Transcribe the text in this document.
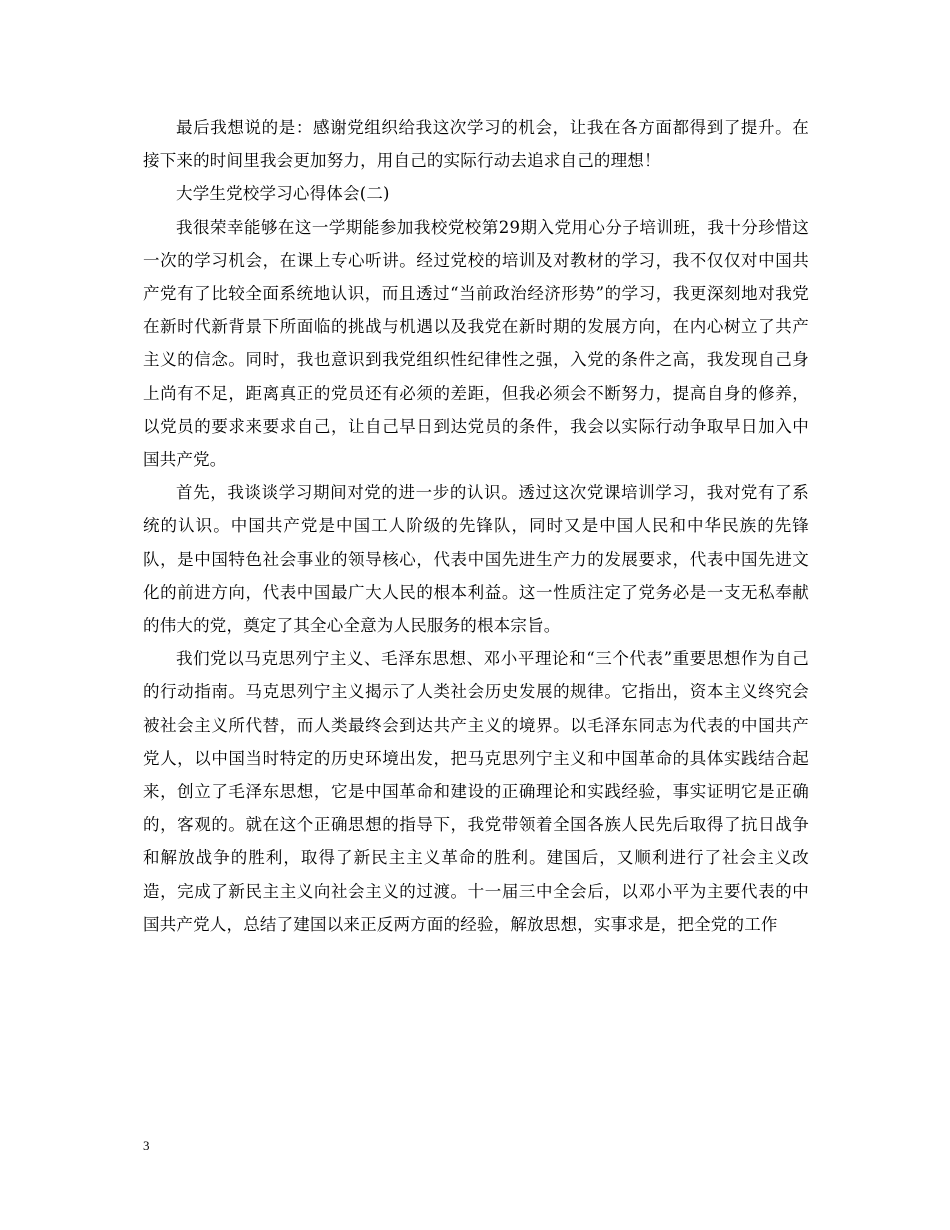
最后我想说的是：感谢党组织给我这次学习的机会，让我在各方面都得到了提升。在接下来的时间里我会更加努力，用自己的实际行动去追求自己的理想！

大学生党校学习心得体会(二)

我很荣幸能够在这一学期能参加我校党校第29期入党用心分子培训班，我十分珍惜这一次的学习机会，在课上专心听讲。经过党校的培训及对教材的学习，我不仅仅对中国共产党有了比较全面系统地认识，而且透过“当前政治经济形势”的学习，我更深刻地对我党在新时代新背景下所面临的挑战与机遇以及我党在新时期的发展方向，在内心树立了共产主义的信念。同时，我也意识到我党组织性纪律性之强，入党的条件之高，我发现自己身上尚有不足，距离真正的党员还有必须的差距，但我必须会不断努力，提高自身的修养，以党员的要求来要求自己，让自己早日到达党员的条件，我会以实际行动争取早日加入中国共产党。

首先，我谈谈学习期间对党的进一步的认识。透过这次党课培训学习，我对党有了系统的认识。中国共产党是中国工人阶级的先锋队，同时又是中国人民和中华民族的先锋队，是中国特色社会事业的领导核心，代表中国先进生产力的发展要求，代表中国先进文化的前进方向，代表中国最广大人民的根本利益。这一性质注定了党务必是一支无私奉献的伟大的党，奠定了其全心全意为人民服务的根本宗旨。

我们党以马克思列宁主义、毛泽东思想、邓小平理论和“三个代表”重要思想作为自己的行动指南。马克思列宁主义揭示了人类社会历史发展的规律。它指出，资本主义终究会被社会主义所代替，而人类最终会到达共产主义的境界。以毛泽东同志为代表的中国共产党人，以中国当时特定的历史环境出发，把马克思列宁主义和中国革命的具体实践结合起来，创立了毛泽东思想，它是中国革命和建设的正确理论和实践经验，事实证明它是正确的，客观的。就在这个正确思想的指导下，我党带领着全国各族人民先后取得了抗日战争和解放战争的胜利，取得了新民主主义革命的胜利。建国后，又顺利进行了社会主义改造，完成了新民主主义向社会主义的过渡。十一届三中全会后，以邓小平为主要代表的中国共产党人，总结了建国以来正反两方面的经验，解放思想，实事求是，把全党的工作

3
